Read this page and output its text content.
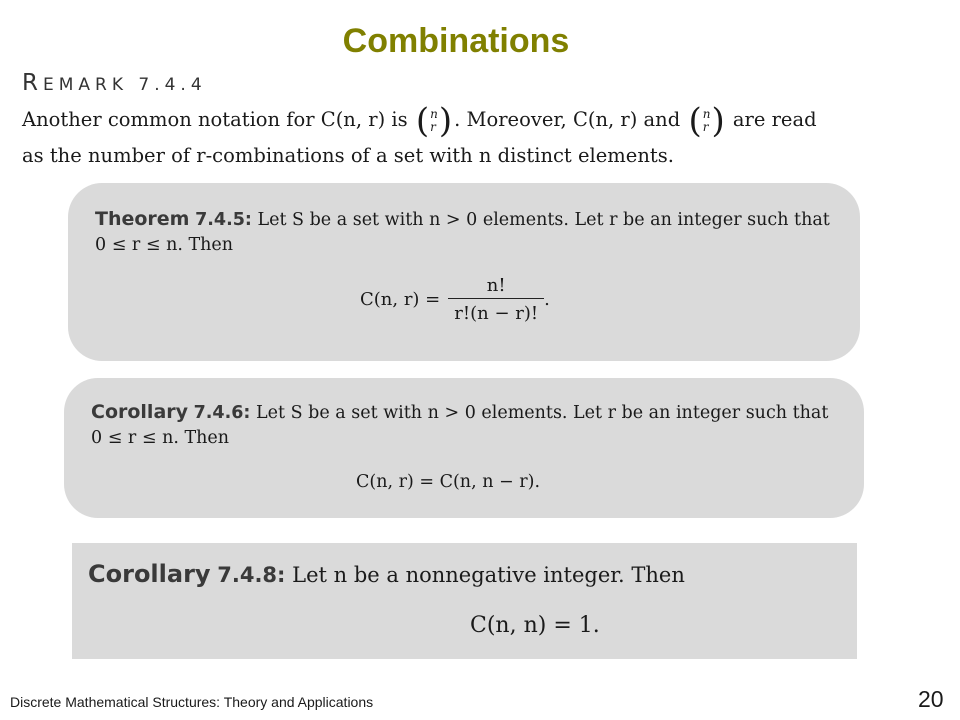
Combinations
REMARK 7.4.4
Another common notation for C(n, r) is ( n
r ) . Moreover, C(n, r) and ( n
r ) are read
as the number of r-combinations of a set with n distinct elements.
Theorem 7.4.5: Let S be a set with n > 0 elements. Let r be an integer such that 0 ≤ r ≤ n. Then
C(n, $r) = \frac{n!}{r!(n - r)!}$ .
Corollary 7.4.6: Let S be a set with n > 0 elements. Let r be an integer such that 0 ≤ r ≤ n. Then
C(n, r) = C(n, n − r).
Corollary 7.4.8: Let n be a nonnegative integer. Then
C(n, n) = 1.
Discrete Mathematical Structures: Theory and Applications	20
